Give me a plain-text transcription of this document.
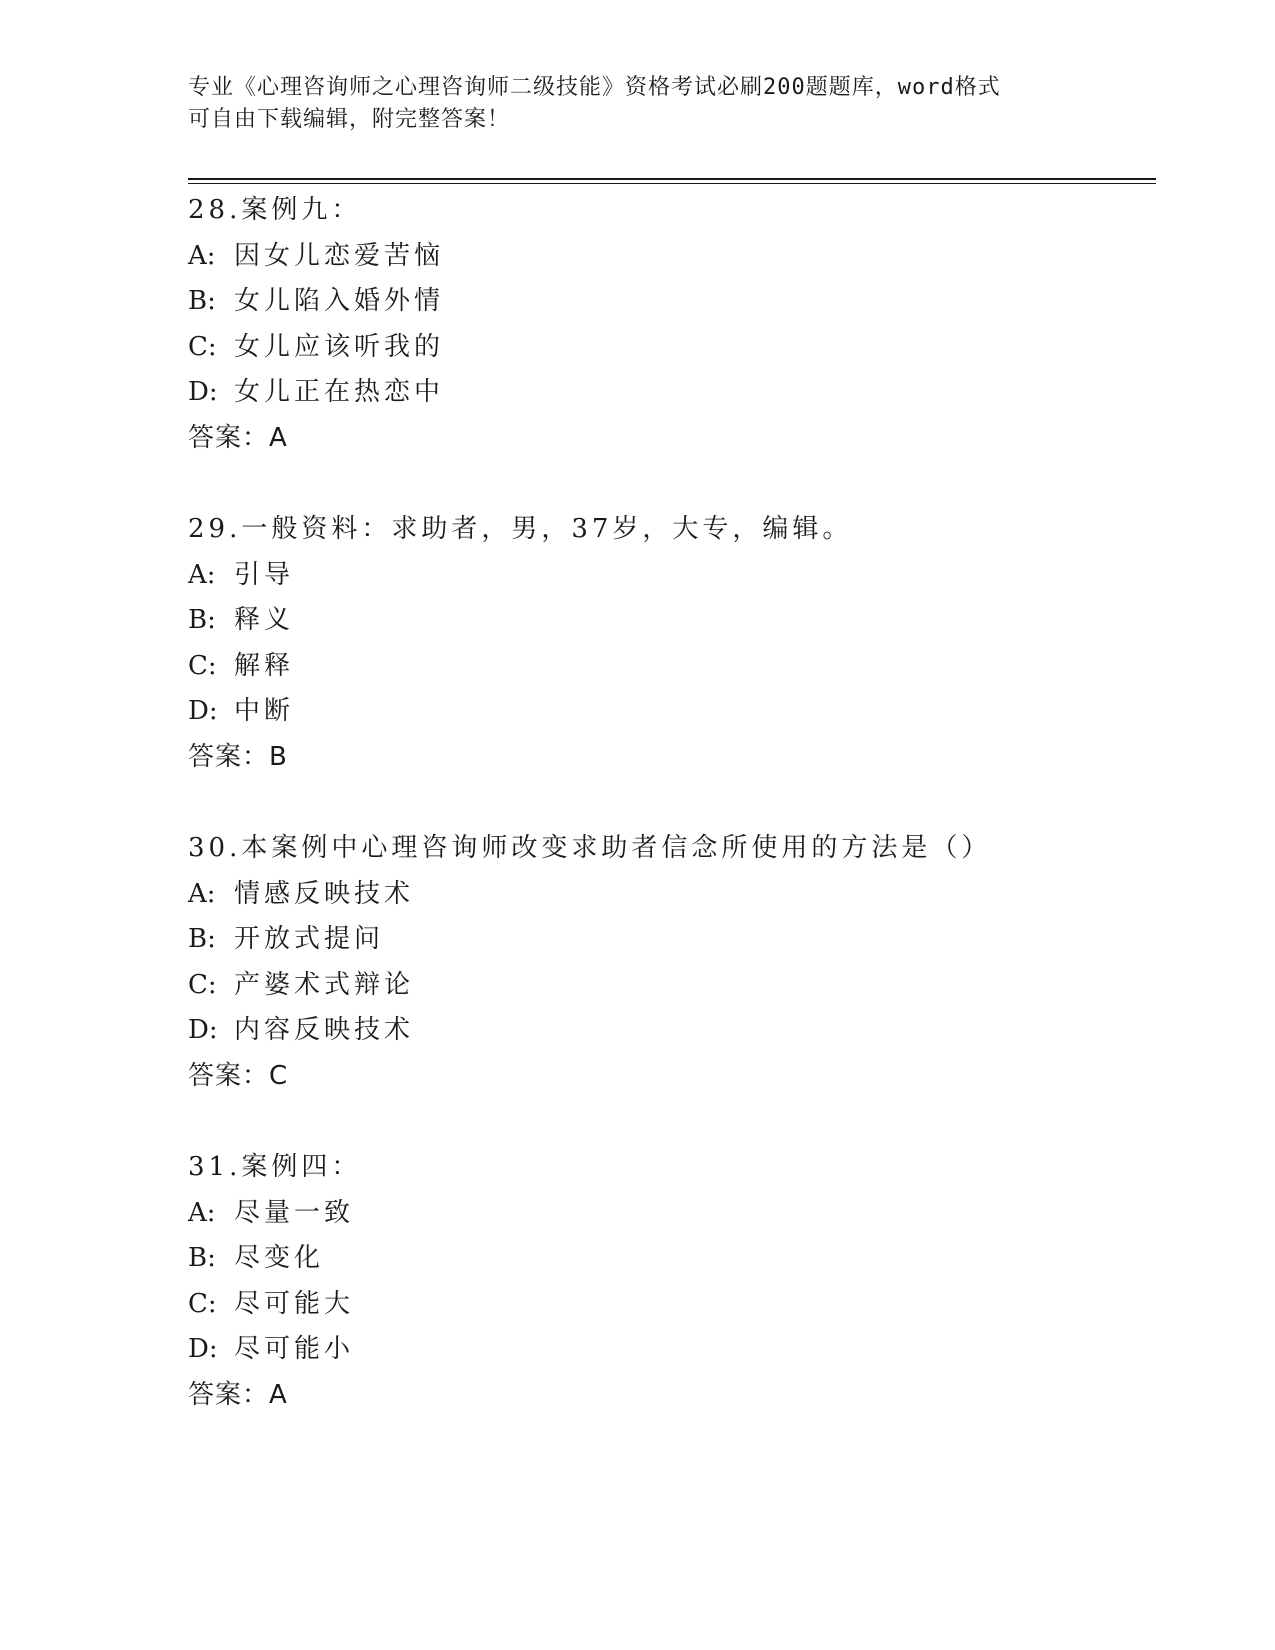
专业《心理咨询师之心理咨询师二级技能》资格考试必刷200题题库，word格式
可自由下载编辑，附完整答案！
28.案例九：
A: 因女儿恋爱苦恼
B: 女儿陷入婚外情
C: 女儿应该听我的
D: 女儿正在热恋中
答案：A
29.一般资料：求助者，男，37岁，大专，编辑。
A: 引导
B: 释义
C: 解释
D: 中断
答案：B
30.本案例中心理咨询师改变求助者信念所使用的方法是（）
A: 情感反映技术
B: 开放式提问
C: 产婆术式辩论
D: 内容反映技术
答案：C
31.案例四：
A: 尽量一致
B: 尽变化
C: 尽可能大
D: 尽可能小
答案：A
